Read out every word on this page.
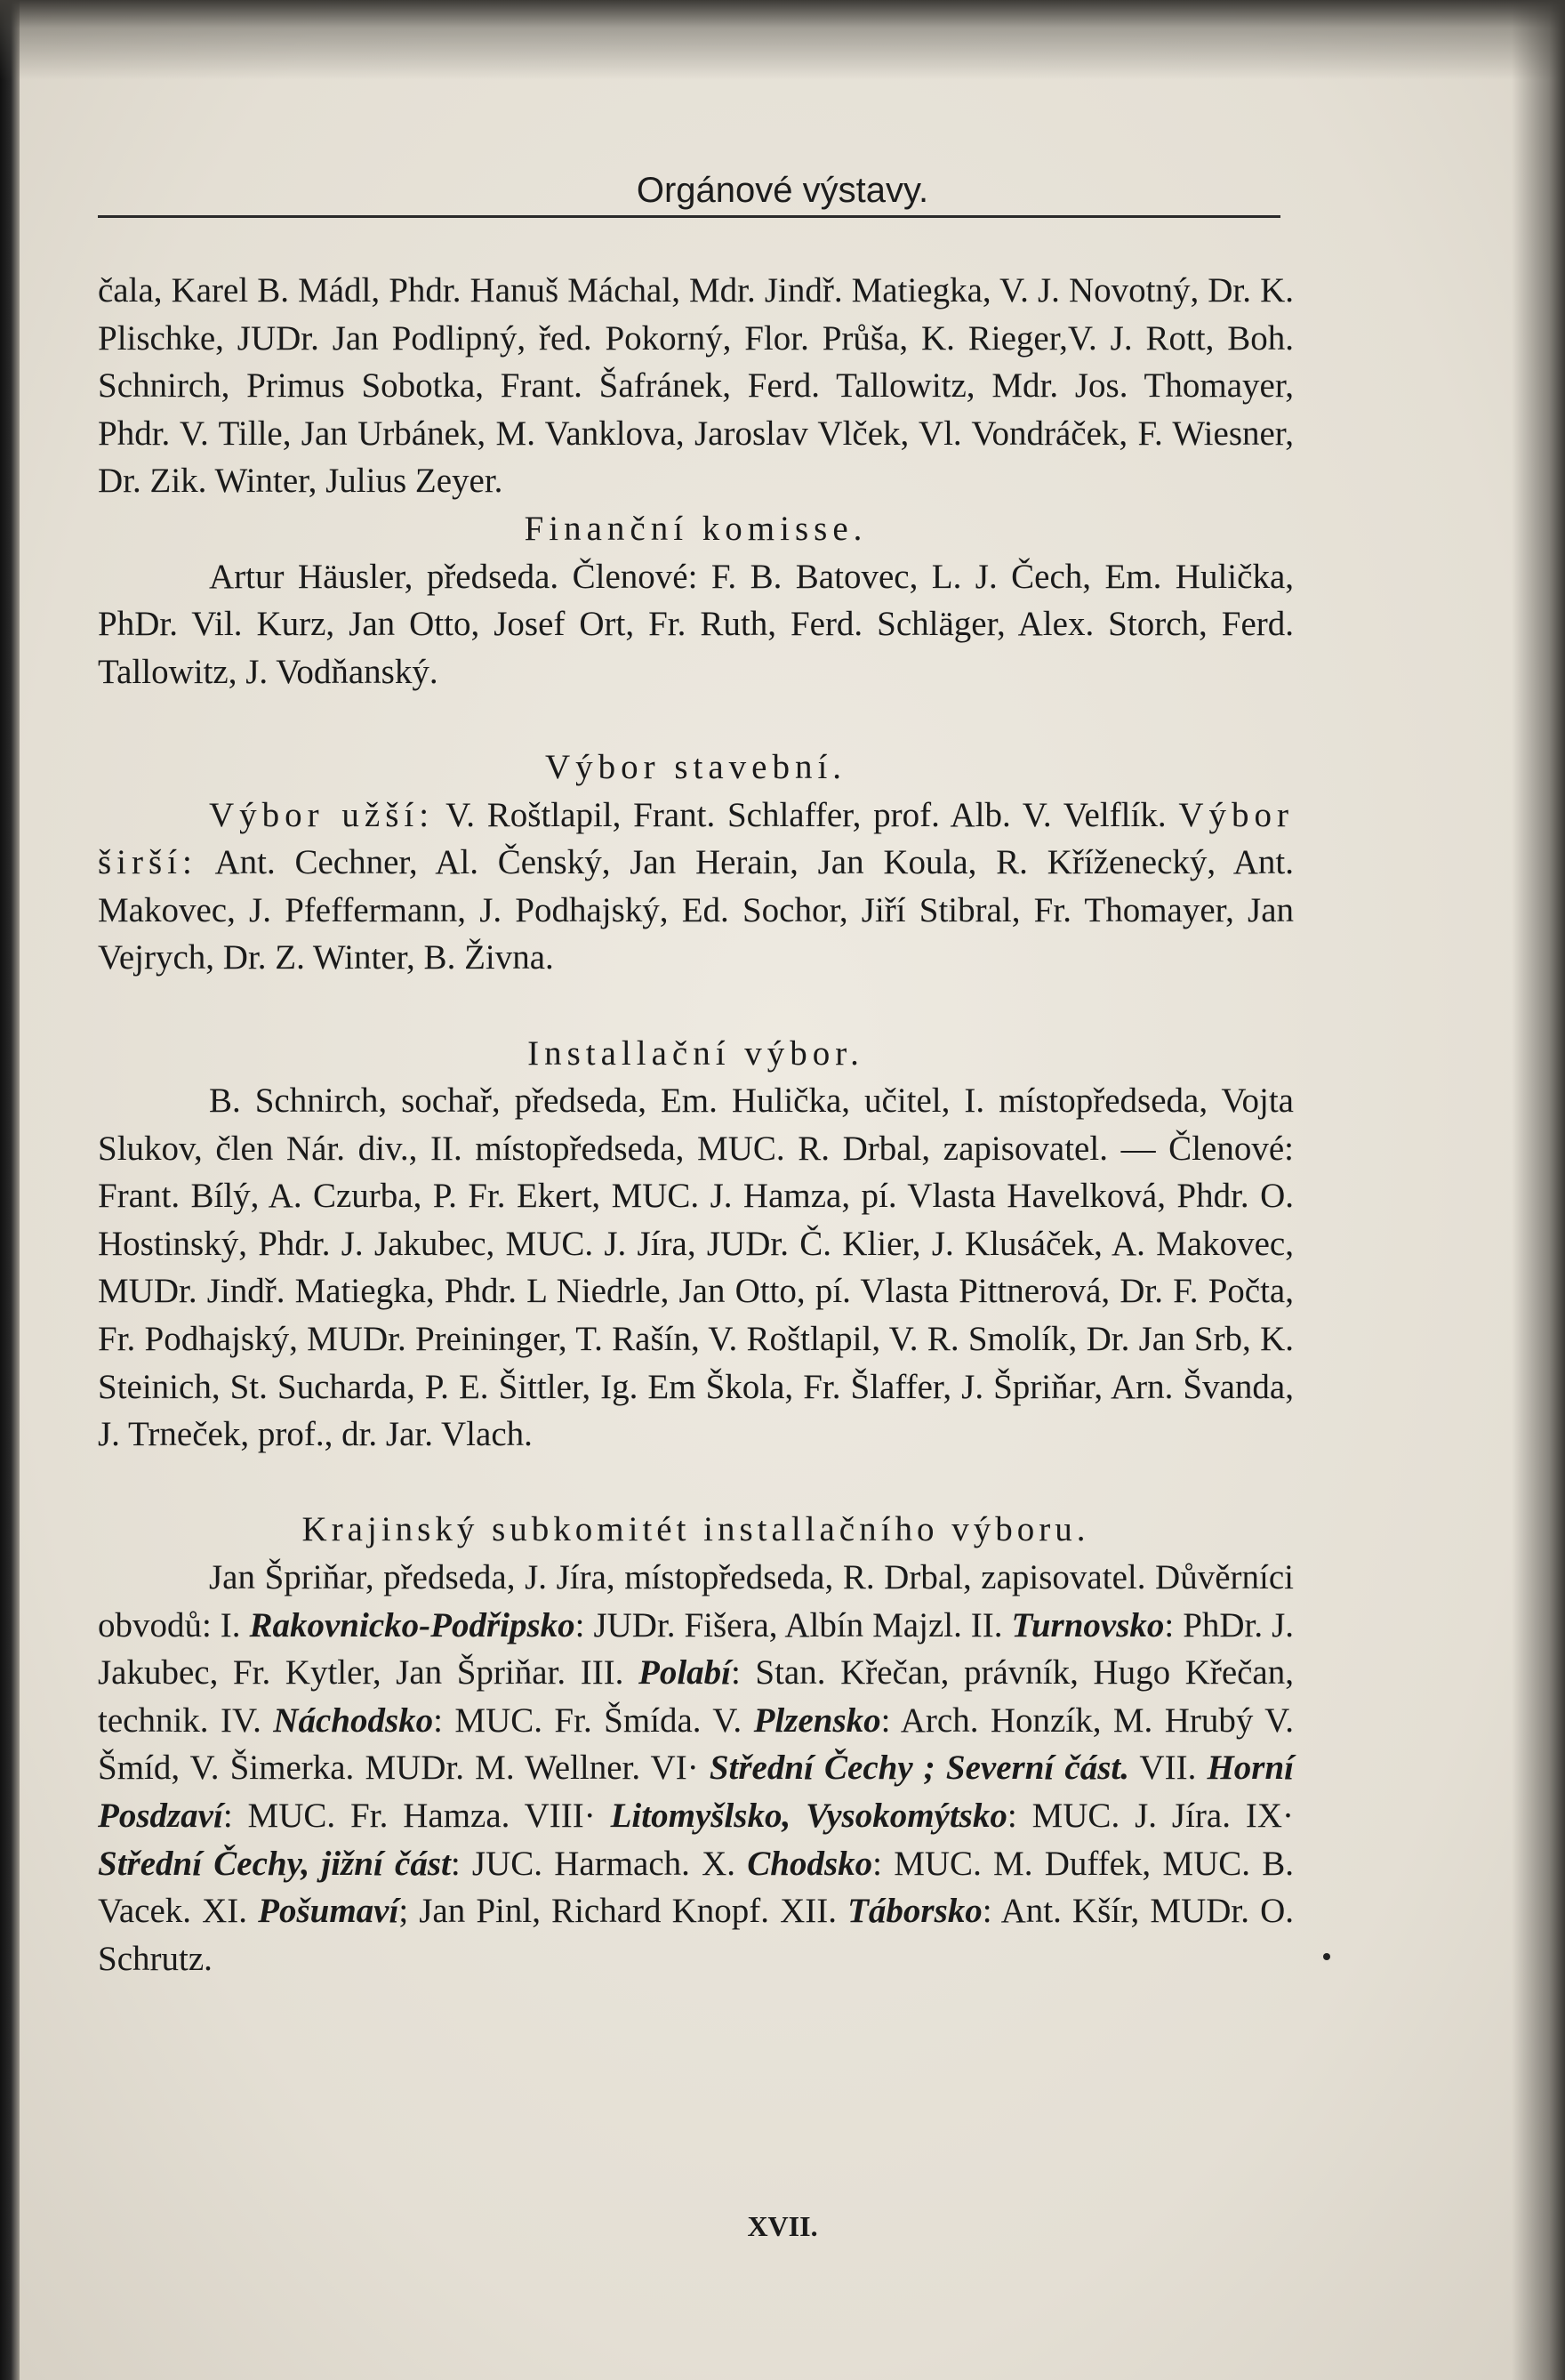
Orgánové výstavy.

čala, Karel B. Mádl, Phdr. Hanuš Máchal, Mdr. Jindř. Matiegka, V. J. Novotný, Dr. K. Plischke, JUDr. Jan Podlipný, řed. Pokorný, Flor. Průša, K. Rieger,V. J. Rott, Boh. Schnirch, Primus Sobotka, Frant. Šafránek, Ferd. Tallowitz, Mdr. Jos. Thomayer, Phdr. V. Tille, Jan Urbánek, M. Vanklova, Jaroslav Vlček, Vl. Vondráček, F. Wiesner, Dr. Zik. Winter, Julius Zeyer.

Finanční komisse.

Artur Häusler, předseda. Členové: F. B. Batovec, L. J. Čech, Em. Hulička, PhDr. Vil. Kurz, Jan Otto, Josef Ort, Fr. Ruth, Ferd. Schläger, Alex. Storch, Ferd. Tallowitz, J. Vodňanský.

Výbor stavební.

Výbor užší: V. Roštlapil, Frant. Schlaffer, prof. Alb. V. Velflík. Výbor širší: Ant. Cechner, Al. Čenský, Jan Herain, Jan Koula, R. Kříženecký, Ant. Makovec, J. Pfeffermann, J. Podhajský, Ed. Sochor, Jiří Stibral, Fr. Thomayer, Jan Vejrych, Dr. Z. Winter, B. Živna.

Installační výbor.

B. Schnirch, sochař, předseda, Em. Hulička, učitel, I. místopředseda, Vojta Slukov, člen Nár. div., II. místopředseda, MUC. R. Drbal, zapisovatel. — Členové: Frant. Bílý, A. Czurba, P. Fr. Ekert, MUC. J. Hamza, pí. Vlasta Havelková, Phdr. O. Hostinský, Phdr. J. Jakubec, MUC. J. Jíra, JUDr. Č. Klier, J. Klusáček, A. Makovec, MUDr. Jindř. Matiegka, Phdr. L Niedrle, Jan Otto, pí. Vlasta Pittnerová, Dr. F. Počta, Fr. Podhajský, MUDr. Preininger, T. Rašín, V. Roštlapil, V. R. Smolík, Dr. Jan Srb, K. Steinich, St. Sucharda, P. E. Šittler, Ig. Em Škola, Fr. Šlaffer, J. Špriňar, Arn. Švanda, J. Trneček, prof., dr. Jar. Vlach.

Krajinský subkomitét installačního výboru.

Jan Špriňar, předseda, J. Jíra, místopředseda, R. Drbal, zapisovatel. Důvěrníci obvodů: I. Rakovnicko-Podřipsko: JUDr. Fišera, Albín Majzl. II. Turnovsko: PhDr. J. Jakubec, Fr. Kytler, Jan Špriňar. III. Polabí: Stan. Křečan, právník, Hugo Křečan, technik. IV. Náchodsko: MUC. Fr. Šmída. V. Plzensko: Arch. Honzík, M. Hrubý V. Šmíd, V. Šimerka. MUDr. M. Wellner. VI· Střední Čechy ; Severní část. VII. Horní Posdzaví: MUC. Fr. Hamza. VIII· Litomyšlsko, Vysokomýtsko: MUC. J. Jíra. IX· Střední Čechy, jižní část: JUC. Harmach. X. Chodsko: MUC. M. Duffek, MUC. B. Vacek. XI. Pošumaví; Jan Pinl, Richard Knopf. XII. Táborsko: Ant. Kšír, MUDr. O. Schrutz.

XVII.
